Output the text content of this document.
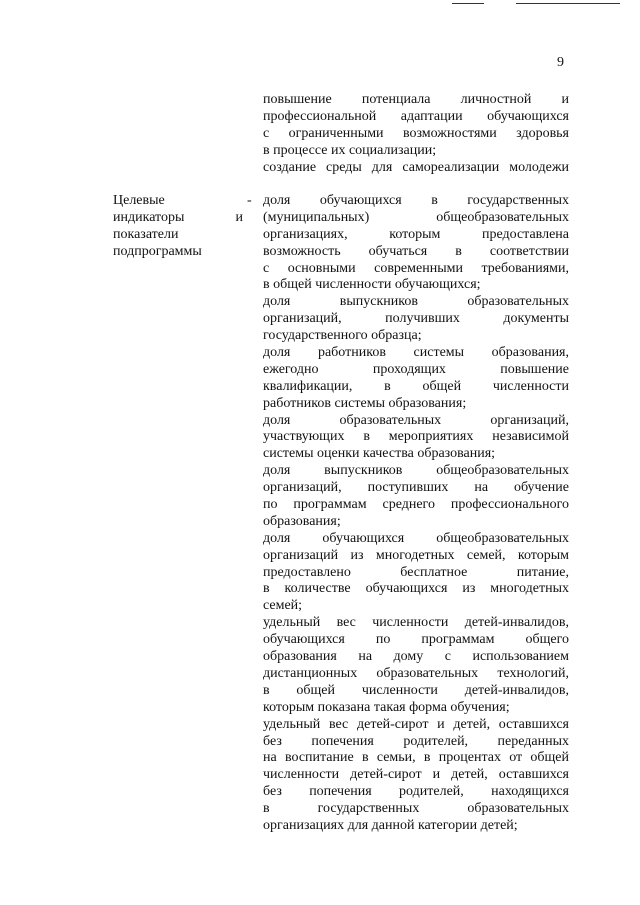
9
повышение потенциала личностной и
профессиональной адаптации обучающихся
с ограниченными возможностями здоровья
в процессе их социализации;
создание среды для самореализации молодежи
Целевые
индикаторы и
показатели
подпрограммы
- доля обучающихся в государственных
(муниципальных) общеобразовательных
организациях, которым предоставлена
возможность обучаться в соответствии
с основными современными требованиями,
в общей численности обучающихся;
доля выпускников образовательных
организаций, получивших документы
государственного образца;
доля работников системы образования,
ежегодно проходящих повышение
квалификации, в общей численности
работников системы образования;
доля образовательных организаций,
участвующих в мероприятиях независимой
системы оценки качества образования;
доля выпускников общеобразовательных
организаций, поступивших на обучение
по программам среднего профессионального
образования;
доля обучающихся общеобразовательных
организаций из многодетных семей, которым
предоставлено бесплатное питание,
в количестве обучающихся из многодетных
семей;
удельный вес численности детей-инвалидов,
обучающихся по программам общего
образования на дому с использованием
дистанционных образовательных технологий,
в общей численности детей-инвалидов,
которым показана такая форма обучения;
удельный вес детей-сирот и детей, оставшихся
без попечения родителей, переданных
на воспитание в семьи, в процентах от общей
численности детей-сирот и детей, оставшихся
без попечения родителей, находящихся
в государственных образовательных
организациях для данной категории детей;
